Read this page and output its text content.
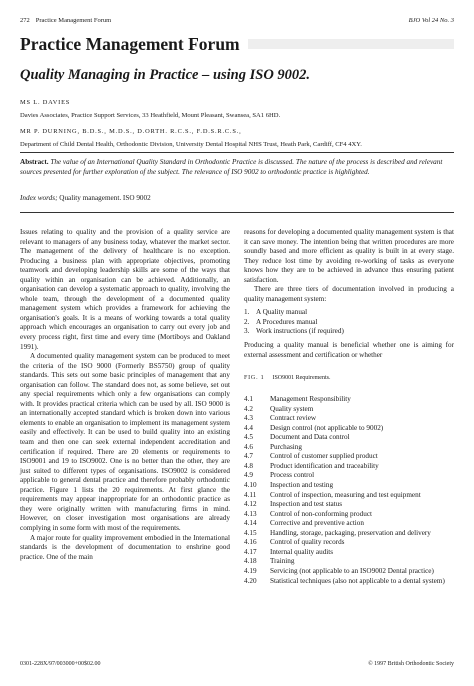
272 Practice Management Forum	BJO Vol 24 No. 3
Practice Management Forum
Quality Managing in Practice – using ISO 9002.
MS L. DAVIES
Davies Associates, Practice Support Services, 33 Heathfield, Mount Pleasant, Swansea, SA1 6HD.
MR P. DURNING, B.D.S., M.D.S., D.ORTH. R.C.S., F.D.S.R.C.S.,
Department of Child Dental Health, Orthodontic Division, University Dental Hospital NHS Trust, Heath Park, Cardiff, CF4 4XY.
Abstract. The value of an International Quality Standard in Orthodontic Practice is discussed. The nature of the process is described and relevant sources presented for further exploration of the subject. The relevance of ISO 9002 to orthodontic practice is highlighted.
Index words; Quality management. ISO 9002

Issues relating to quality and the provision of a quality service are relevant to managers of any business today, whatever the market sector. The management of the delivery of healthcare is no exception. Producing a business plan with appropriate objectives, promoting teamwork and developing leadership skills are some of the ways that quality within an organisation can be achieved. Additionally, an organisation can develop a systematic approach to quality, involving the whole team, through the development of a documented quality management system which provides a framework for achieving the organisation's goals. It is a means of working towards a total quality approach which encourages an organisation to carry out every job and every process right, first time and every time (Mortiboys and Oakland 1991).

A documented quality management system can be produced to meet the criteria of the ISO 9000 (Formerly BS5750) group of quality standards. This sets out some basic principles of management that any organisation can follow. The standard does not, as some believe, set out any special requirements which only a few organisations can comply with. It provides practical criteria which can be used by all. ISO 9000 is an internationally accepted standard which is broken down into various elements to enable an organisation to implement its management system easily and effectively. It can be used to build quality into an existing team and then one can seek external independent accreditation and certification if required. There are 20 elements or requirements to ISO9001 and 19 to ISO9002. One is no better than the other, they are just suited to different types of organisations. ISO9002 is considered applicable to general dental practice and therefore probably orthodontic practice. Figure 1 lists the 20 requirements. At first glance the requirements may appear inappropriate for an orthodontic practice as they were originally written with manufacturing firms in mind. However, on closer investigation most organisations are already complying in some form with most of the requirements.

A major route for quality improvement embodied in the International standards is the development of documentation to enshrine good practice. One of the main

reasons for developing a documented quality management system is that it can save money. The intention being that written procedures are more soundly based and more efficient as quality is built in at every stage. They reduce lost time by avoiding re-working of tasks as everyone knows how they are to be achieved in advance thus ensuring patient satisfaction.

There are three tiers of documentation involved in producing a quality management system:

1. A Quality manual
2. A Procedures manual
3. Work instructions (if required)

Producing a quality manual is beneficial whether one is aiming for external assessment and certification or whether

FIG. 1 ISO9001 Requirements.
4.1	Management Responsibility
4.2	Quality system
4.3	Contract review
4.4	Design control (not applicable to 9002)
4.5	Document and Data control
4.6	Purchasing
4.7	Control of customer supplied product
4.8	Product identification and traceability
4.9	Process control
4.10	Inspection and testing
4.11	Control of inspection, measuring and test equipment
4.12	Inspection and test status
4.13	Control of non-conforming product
4.14	Corrective and preventive action
4.15	Handling, storage, packaging, preservation and delivery
4.16	Control of quality records
4.17	Internal quality audits
4.18	Training
4.19	Servicing (not applicable to an ISO9002 Dental practice)
4.20	Statistical techniques (also not applicable to a dental system)
0301-228X/97/003000+00$02.00	© 1997 British Orthodontic Society
